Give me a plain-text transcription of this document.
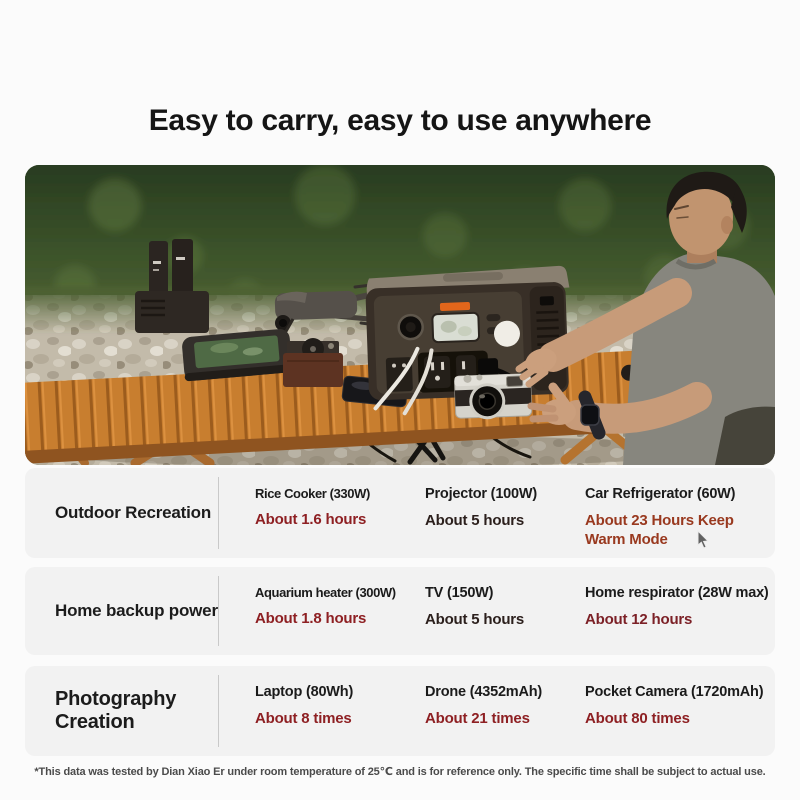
Easy to carry, easy to use anywhere
Outdoor Recreation
Rice Cooker (330W)
About 1.6 hours
Projector (100W)
About 5 hours
Car Refrigerator (60W)
About 23 Hours Keep Warm Mode
Home backup power
Aquarium heater (300W)
About 1.8 hours
TV (150W)
About 5 hours
Home respirator (28W max)
About 12 hours
Photography Creation
Laptop (80Wh)
About 8 times
Drone (4352mAh)
About 21 times
Pocket Camera (1720mAh)
About 80 times
*This data was tested by Dian Xiao Er under room temperature of 25℃ and is for reference only. The specific time shall be subject to actual use.
